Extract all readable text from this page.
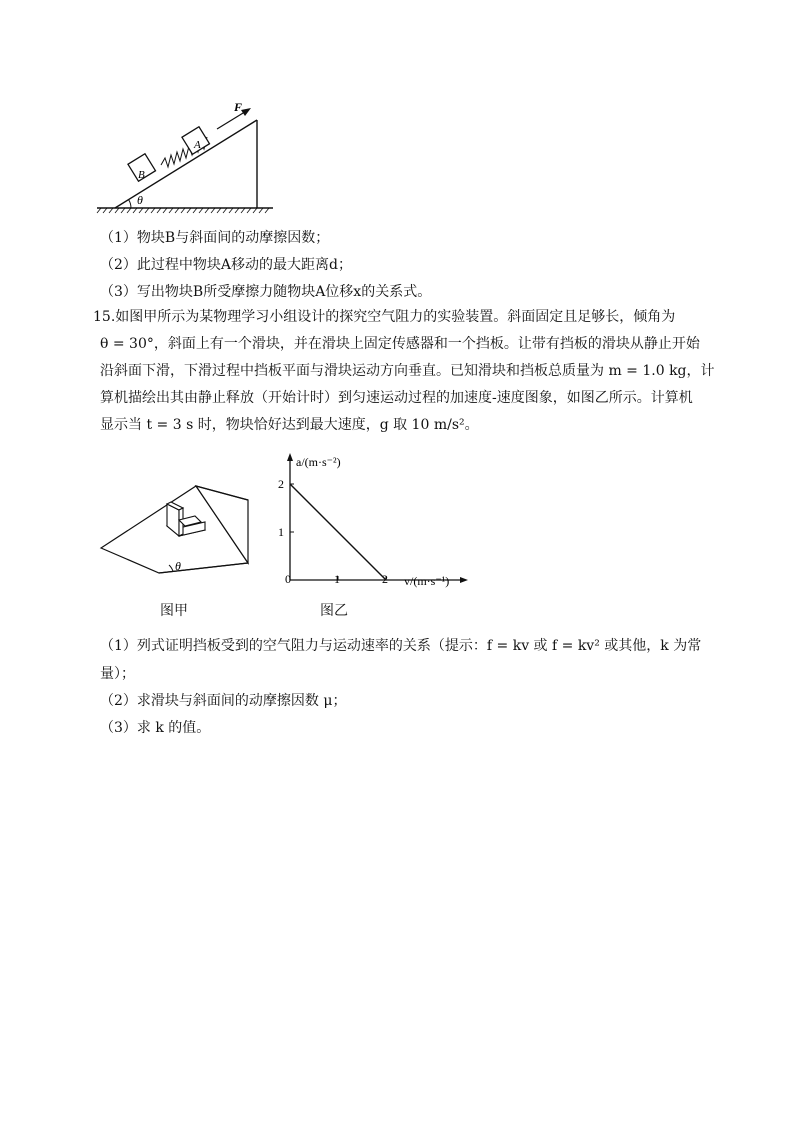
θ
B
A
F
（1）物块B与斜面间的动摩擦因数；
（2）此过程中物块A移动的最大距离d；
（3）写出物块B所受摩擦力随物块A位移x的关系式。
15.如图甲所示为某物理学习小组设计的探究空气阻力的实验装置。斜面固定且足够长，倾角为
θ = 30°，斜面上有一个滑块，并在滑块上固定传感器和一个挡板。让带有挡板的滑块从静止开始
沿斜面下滑，下滑过程中挡板平面与滑块运动方向垂直。已知滑块和挡板总质量为 m = 1.0 kg，计
算机描绘出其由静止释放（开始计时）到匀速运动过程的加速度-速度图象，如图乙所示。计算机
显示当 t = 3 s 时，物块恰好达到最大速度，g 取 10 m/s²。
θ
图甲
1	2
1
2
a/(m·s⁻²)
v/(m·s⁻¹)
0
图乙
（1）列式证明挡板受到的空气阻力与运动速率的关系（提示：f = kv 或 f = kv² 或其他，k 为常
量）；
（2）求滑块与斜面间的动摩擦因数 μ；
（3）求 k 的值。
